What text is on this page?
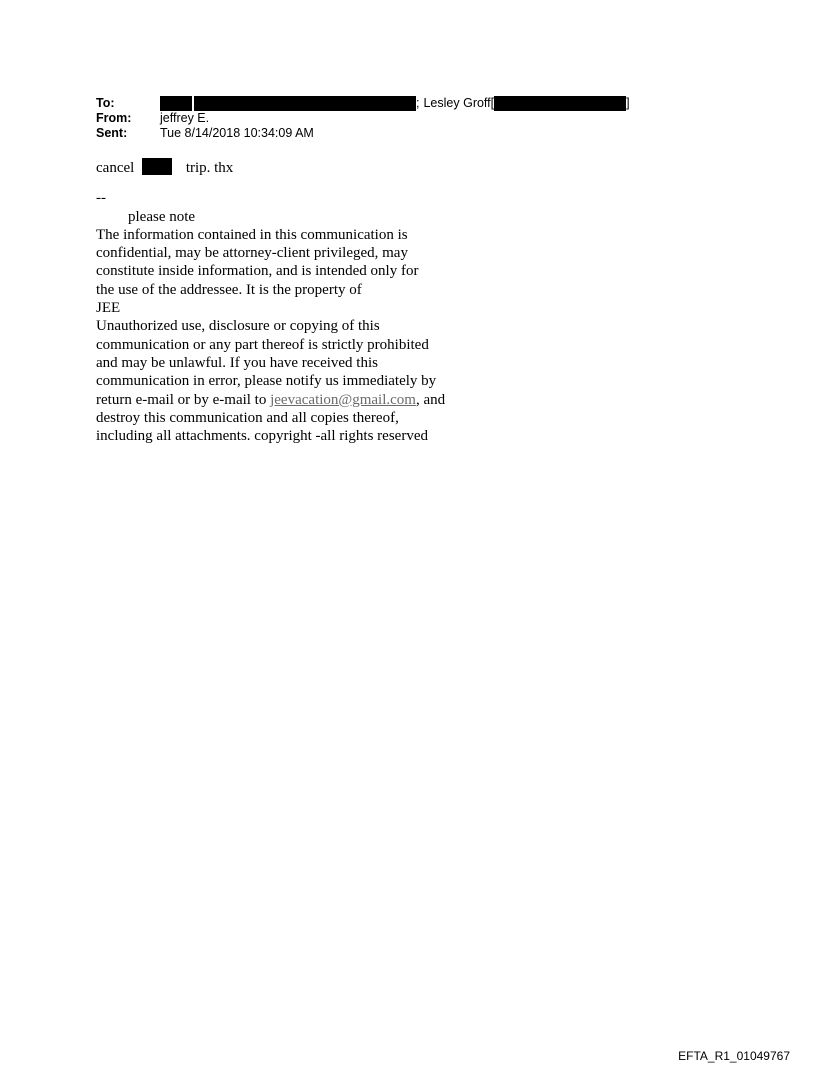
To:	; Lesley Groff[	]
From:	jeffrey E.
Sent:	Tue 8/14/2018 10:34:09 AM
cancel	trip. thx
--
please note
The information contained in this communication is
confidential, may be attorney-client privileged, may
constitute inside information, and is intended only for
the use of the addressee. It is the property of
JEE
Unauthorized use, disclosure or copying of this
communication or any part thereof is strictly prohibited
and may be unlawful. If you have received this
communication in error, please notify us immediately by
return e-mail or by e-mail to jeevacation@gmail.com, and
destroy this communication and all copies thereof,
including all attachments. copyright -all rights reserved
EFTA_R1_01049767
